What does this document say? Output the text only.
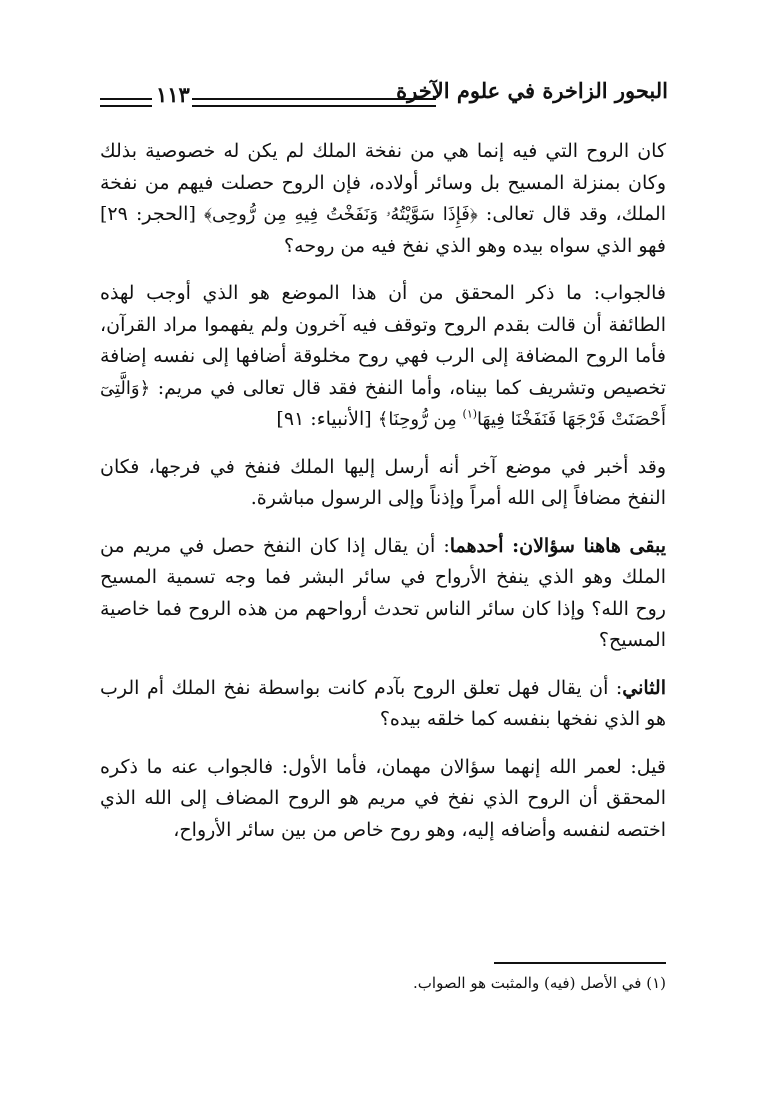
البحور الزاخرة في علوم الآخرة
١١٣

كان الروح التي فيه إنما هي من نفخة الملك لم يكن له خصوصية بذلك وكان بمنزلة المسيح بل وسائر أولاده، فإن الروح حصلت فيهم من نفخة الملك، وقد قال تعالى: ﴿فَإِذَا سَوَّيْتُهُۥ وَنَفَخْتُ فِيهِ مِن رُّوحِى﴾ [الحجر: ٢٩] فهو الذي سواه بيده وهو الذي نفخ فيه من روحه؟

فالجواب: ما ذكر المحقق من أن هذا الموضع هو الذي أوجب لهذه الطائفة أن قالت بقدم الروح وتوقف فيه آخرون ولم يفهموا مراد القرآن، فأما الروح المضافة إلى الرب فهي روح مخلوقة أضافها إلى نفسه إضافة تخصيص وتشريف كما بيناه، وأما النفخ فقد قال تعالى في مريم: ﴿وَالَّتِىٓ أَحْصَنَتْ فَرْجَهَا فَنَفَخْنَا فِيهَا$^{(١)}$ مِن رُّوحِنَا﴾ [الأنبياء: ٩١]

وقد أخبر في موضع آخر أنه أرسل إليها الملك فنفخ في فرجها، فكان النفخ مضافاً إلى الله أمراً وإذناً وإلى الرسول مباشرة.

يبقى هاهنا سؤالان: أحدهما: أن يقال إذا كان النفخ حصل في مريم من الملك وهو الذي ينفخ الأرواح في سائر البشر فما وجه تسمية المسيح روح الله؟ وإذا كان سائر الناس تحدث أرواحهم من هذه الروح فما خاصية المسيح؟

الثاني: أن يقال فهل تعلق الروح بآدم كانت بواسطة نفخ الملك أم الرب هو الذي نفخها بنفسه كما خلقه بيده؟

قيل: لعمر الله إنهما سؤالان مهمان، فأما الأول: فالجواب عنه ما ذكره المحقق أن الروح الذي نفخ في مريم هو الروح المضاف إلى الله الذي اختصه لنفسه وأضافه إليه، وهو روح خاص من بين سائر الأرواح،

(١) في الأصل (فيه) والمثبت هو الصواب.
